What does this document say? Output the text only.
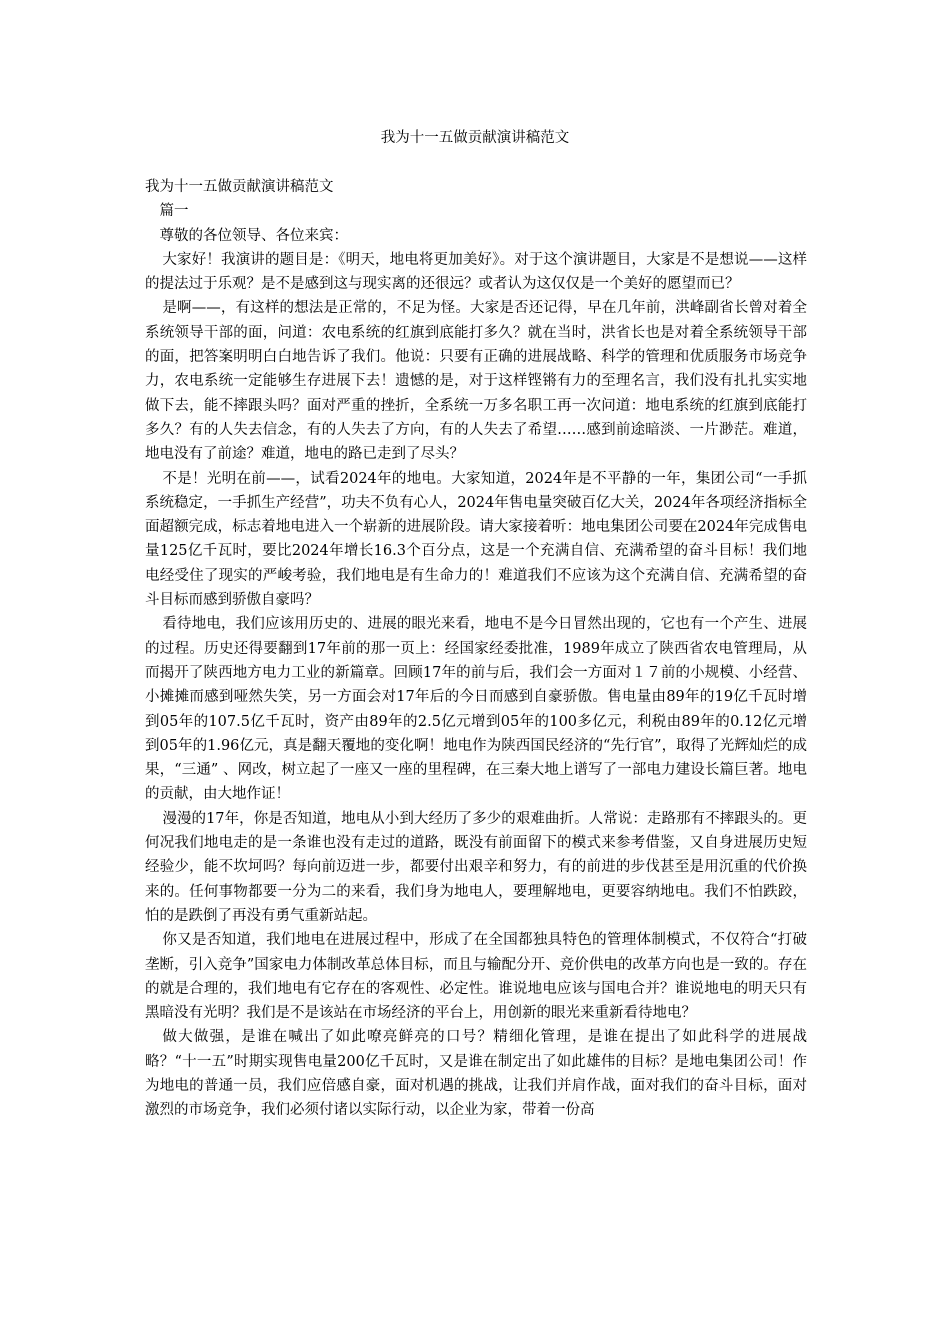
我为十一五做贡献演讲稿范文

我为十一五做贡献演讲稿范文

篇一

尊敬的各位领导、各位来宾：

大家好！我演讲的题目是：《明天，地电将更加美好》。对于这个演讲题目，大家是不是想说——这样的提法过于乐观？是不是感到这与现实离的还很远？或者认为这仅仅是一个美好的愿望而已？

是啊——，有这样的想法是正常的，不足为怪。大家是否还记得，早在几年前，洪峰副省长曾对着全系统领导干部的面，问道：农电系统的红旗到底能打多久？就在当时，洪省长也是对着全系统领导干部的面，把答案明明白白地告诉了我们。他说：只要有正确的进展战略、科学的管理和优质服务市场竞争力，农电系统一定能够生存进展下去！遗憾的是，对于这样铿锵有力的至理名言，我们没有扎扎实实地做下去，能不摔跟头吗？面对严重的挫折，全系统一万多名职工再一次问道：地电系统的红旗到底能打多久？有的人失去信念，有的人失去了方向，有的人失去了希望……感到前途暗淡、一片渺茫。难道，地电没有了前途？难道，地电的路已走到了尽头？

不是！光明在前——，试看2024年的地电。大家知道，2024年是不平静的一年，集团公司“一手抓系统稳定，一手抓生产经营”，功夫不负有心人，2024年售电量突破百亿大关，2024年各项经济指标全面超额完成，标志着地电进入一个崭新的进展阶段。请大家接着听：地电集团公司要在2024年完成售电量125亿千瓦时，要比2024年增长16.3个百分点，这是一个充满自信、充满希望的奋斗目标！我们地电经受住了现实的严峻考验，我们地电是有生命力的！难道我们不应该为这个充满自信、充满希望的奋斗目标而感到骄傲自豪吗？

看待地电，我们应该用历史的、进展的眼光来看，地电不是今日冒然出现的，它也有一个产生、进展的过程。历史还得要翻到17年前的那一页上：经国家经委批准，1989年成立了陕西省农电管理局，从而揭开了陕西地方电力工业的新篇章。回顾17年的前与后，我们会一方面对１７前的小规模、小经营、小摊摊而感到哑然失笑，另一方面会对17年后的今日而感到自豪骄傲。售电量由89年的19亿千瓦时增到05年的107.5亿千瓦时，资产由89年的2.5亿元增到05年的100多亿元，利税由89年的0.12亿元增到05年的1.96亿元，真是翻天覆地的变化啊！地电作为陕西国民经济的“先行官”，取得了光辉灿烂的成果，“三通” 、网改，树立起了一座又一座的里程碑，在三秦大地上谱写了一部电力建设长篇巨著。地电的贡献，由大地作证！

漫漫的17年，你是否知道，地电从小到大经历了多少的艰难曲折。人常说：走路那有不摔跟头的。更何况我们地电走的是一条谁也没有走过的道路，既没有前面留下的模式来参考借鉴，又自身进展历史短经验少，能不坎坷吗？每向前迈进一步，都要付出艰辛和努力，有的前进的步伐甚至是用沉重的代价换来的。任何事物都要一分为二的来看，我们身为地电人，要理解地电，更要容纳地电。我们不怕跌跤，怕的是跌倒了再没有勇气重新站起。

你又是否知道，我们地电在进展过程中，形成了在全国都独具特色的管理体制模式，不仅符合“打破垄断，引入竞争”国家电力体制改革总体目标，而且与输配分开、竞价供电的改革方向也是一致的。存在的就是合理的，我们地电有它存在的客观性、必定性。谁说地电应该与国电合并？谁说地电的明天只有黑暗没有光明？我们是不是该站在市场经济的平台上，用创新的眼光来重新看待地电？

做大做强，是谁在喊出了如此嘹亮鲜亮的口号？精细化管理，是谁在提出了如此科学的进展战略？“十一五”时期实现售电量200亿千瓦时，又是谁在制定出了如此雄伟的目标？是地电集团公司！作为地电的普通一员，我们应倍感自豪，面对机遇的挑战，让我们并肩作战，面对我们的奋斗目标，面对激烈的市场竞争，我们必须付诸以实际行动，以企业为家，带着一份高
